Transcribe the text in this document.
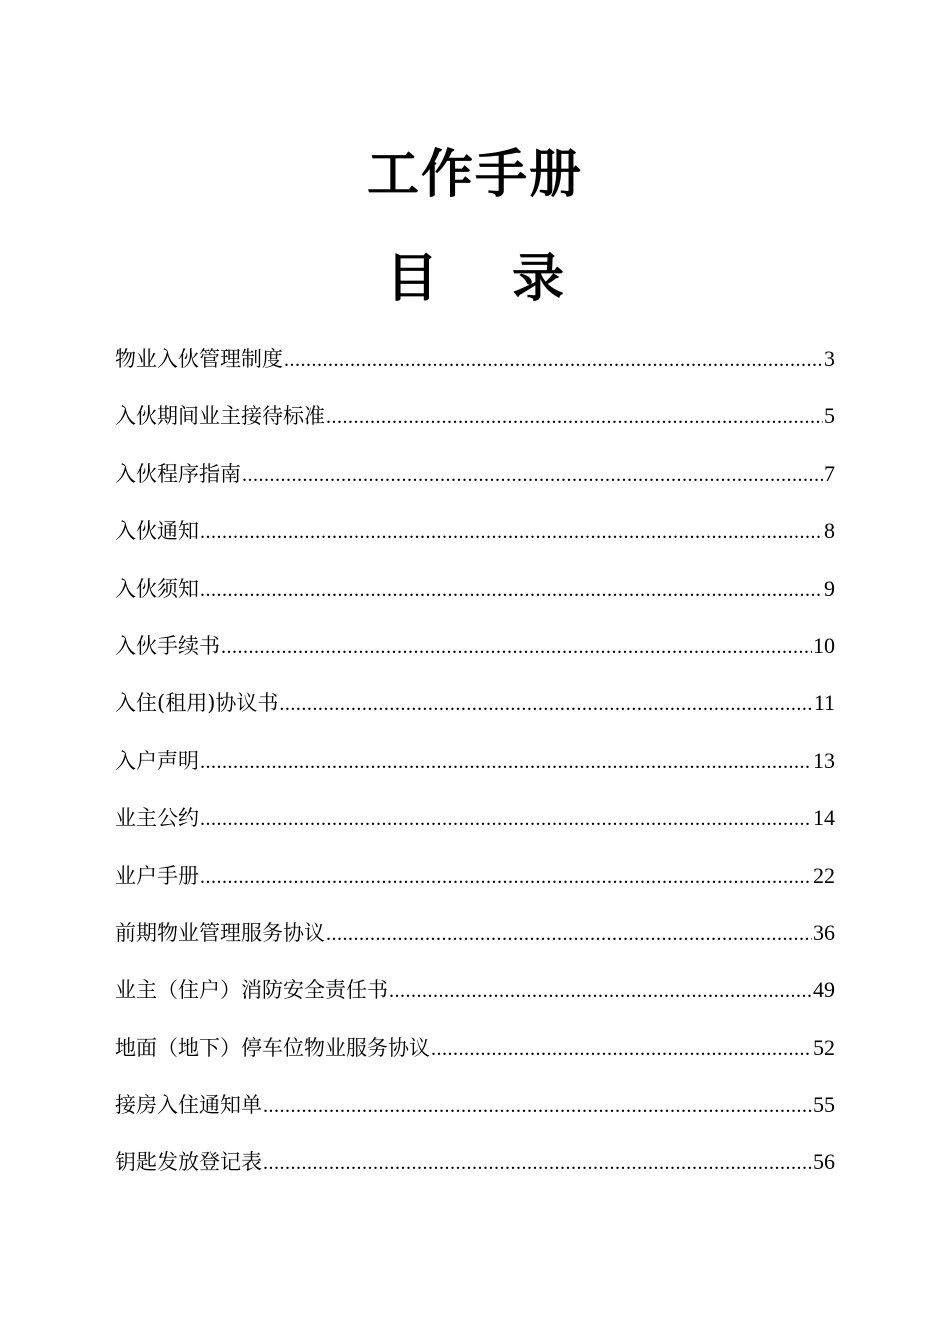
工作手册
目 录
物业入伙管理制度 .....	3
入伙期间业主接待标准 .....	5
入伙程序指南 .....	7
入伙通知 .....	8
入伙须知 .....	9
入伙手续书 .....	10
入住(租用)协议书 .....	11
入户声明 .....	13
业主公约 .....	14
业户手册 .....	22
前期物业管理服务协议 .....	36
业主（住户）消防安全责任书 .....	49
地面（地下）停车位物业服务协议 .....	52
接房入住通知单 .....	55
钥匙发放登记表 .....	56
